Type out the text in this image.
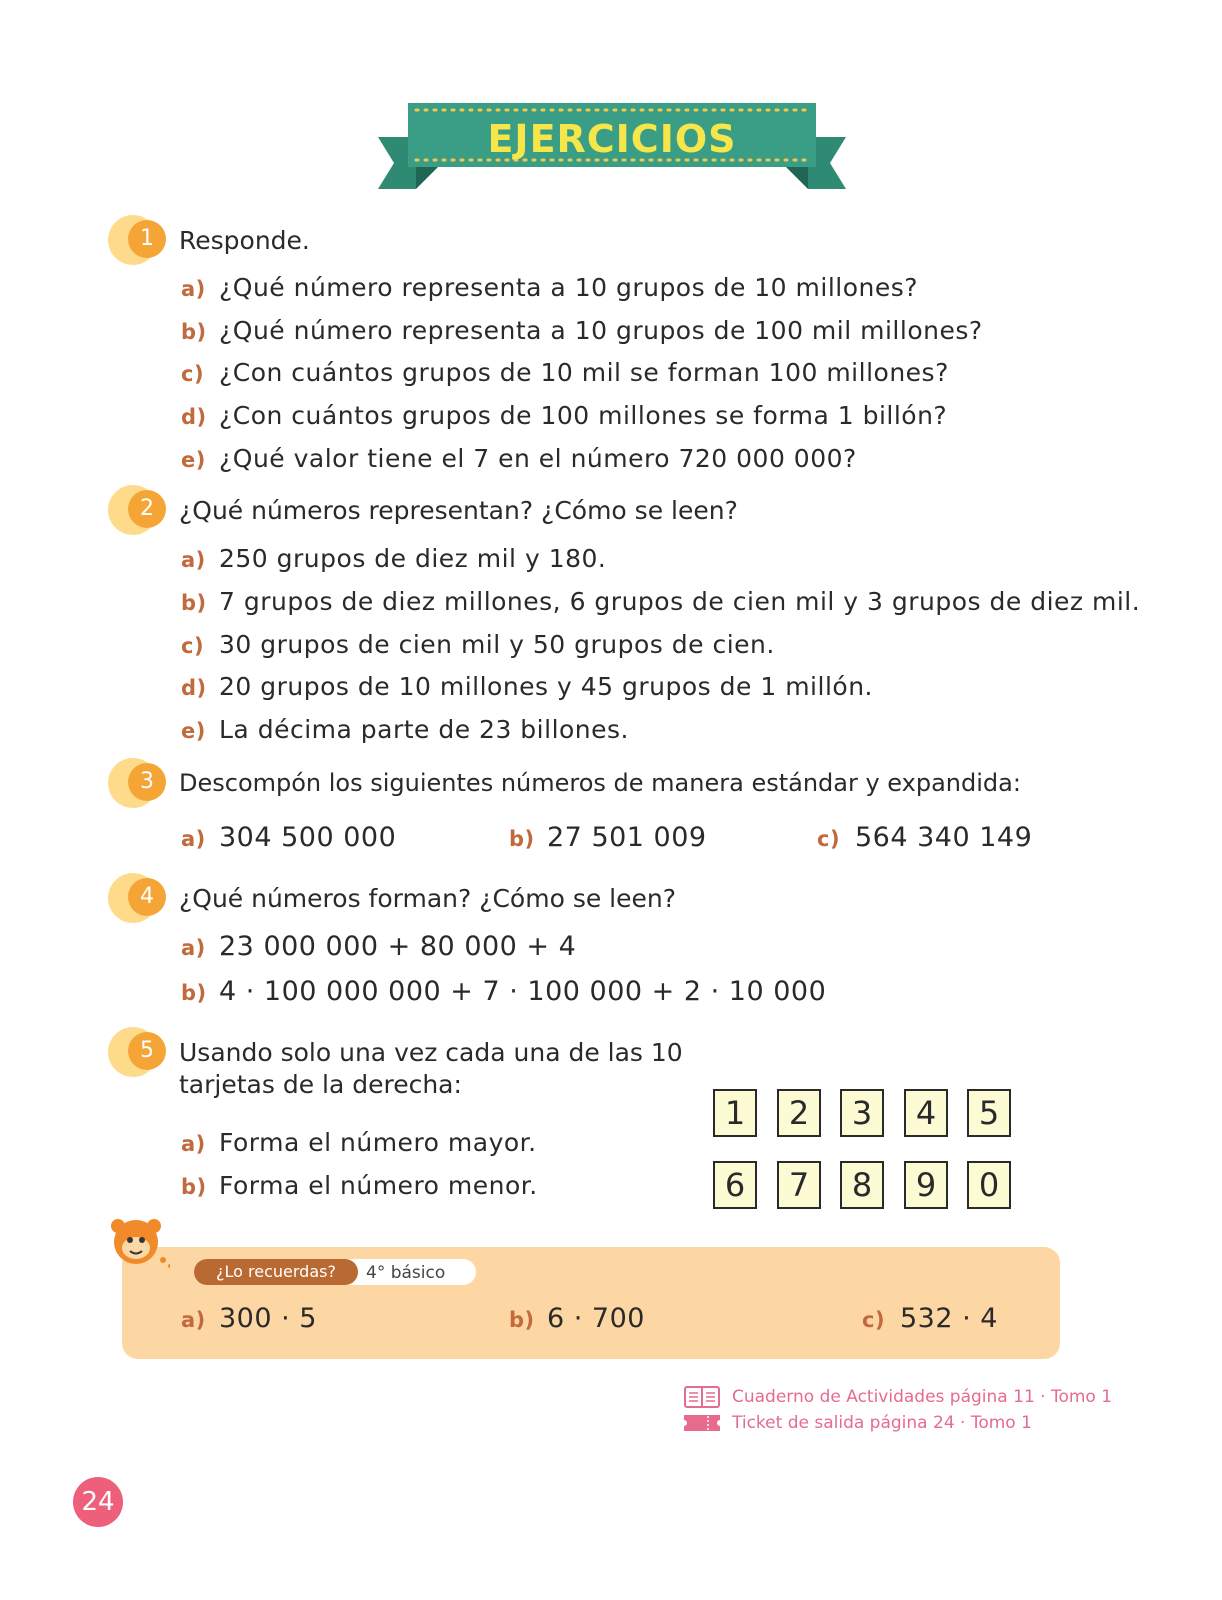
EJERCICIOS
1	Responde.
a) ¿Qué número representa a 10 grupos de 10 millones?
b) ¿Qué número representa a 10 grupos de 100 mil millones?
c) ¿Con cuántos grupos de 10 mil se forman 100 millones?
d) ¿Con cuántos grupos de 100 millones se forma 1 billón?
e) ¿Qué valor tiene el 7 en el número 720 000 000?
2	¿Qué números representan? ¿Cómo se leen?
a) 250 grupos de diez mil y 180.
b) 7 grupos de diez millones, 6 grupos de cien mil y 3 grupos de diez mil.
c) 30 grupos de cien mil y 50 grupos de cien.
d) 20 grupos de 10 millones y 45 grupos de 1 millón.
e) La décima parte de 23 billones.
3	Descompón los siguientes números de manera estándar y expandida:
a) 304 500 000	b) 27 501 009	c) 564 340 149
4	¿Qué números forman? ¿Cómo se leen?
a) 23 000 000 + 80 000 + 4
b) 4 · 100 000 000 + 7 · 100 000 + 2 · 10 000
5	Usando solo una vez cada una de las 10
tarjetas de la derecha:
a) Forma el número mayor.
b) Forma el número menor.
1	2	3	4	5
6	7	8	9	0
¿Lo recuerdas?	4° básico
a) 300 · 5	b) 6 · 700	c) 532 · 4
Cuaderno de Actividades página 11 · Tomo 1
Ticket de salida página 24 · Tomo 1
24
